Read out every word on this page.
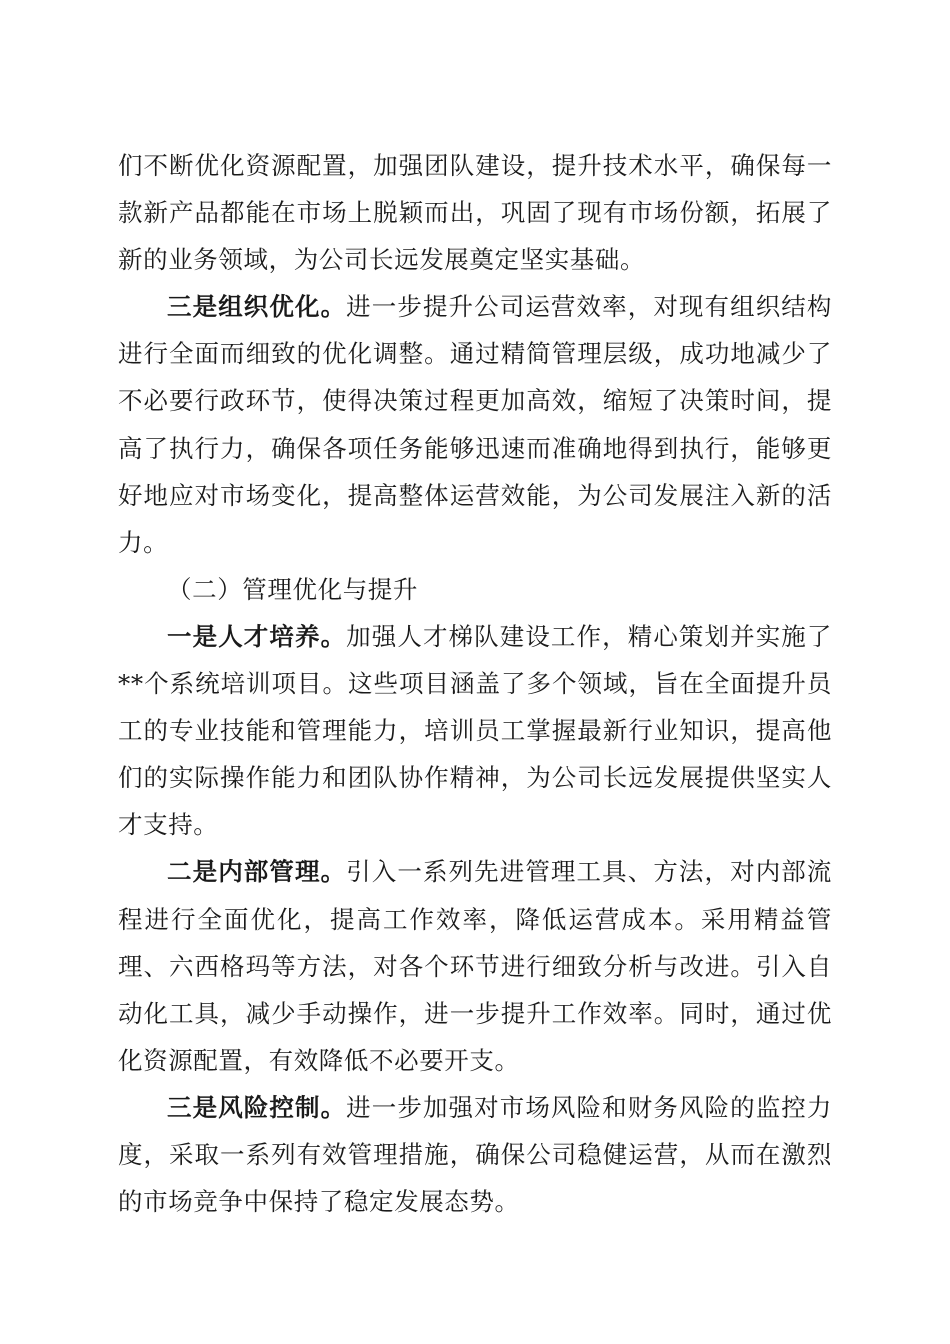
们不断优化资源配置，加强团队建设，提升技术水平，确保每一款新产品都能在市场上脱颖而出，巩固了现有市场份额，拓展了新的业务领域，为公司长远发展奠定坚实基础。

三是组织优化。进一步提升公司运营效率，对现有组织结构进行全面而细致的优化调整。通过精简管理层级，成功地减少了不必要行政环节，使得决策过程更加高效，缩短了决策时间，提高了执行力，确保各项任务能够迅速而准确地得到执行，能够更好地应对市场变化，提高整体运营效能，为公司发展注入新的活力。

（二）管理优化与提升

一是人才培养。加强人才梯队建设工作，精心策划并实施了**个系统培训项目。这些项目涵盖了多个领域，旨在全面提升员工的专业技能和管理能力，培训员工掌握最新行业知识，提高他们的实际操作能力和团队协作精神，为公司长远发展提供坚实人才支持。

二是内部管理。引入一系列先进管理工具、方法，对内部流程进行全面优化，提高工作效率，降低运营成本。采用精益管理、六西格玛等方法，对各个环节进行细致分析与改进。引入自动化工具，减少手动操作，进一步提升工作效率。同时，通过优化资源配置，有效降低不必要开支。

三是风险控制。进一步加强对市场风险和财务风险的监控力度，采取一系列有效管理措施，确保公司稳健运营，从而在激烈的市场竞争中保持了稳定发展态势。
